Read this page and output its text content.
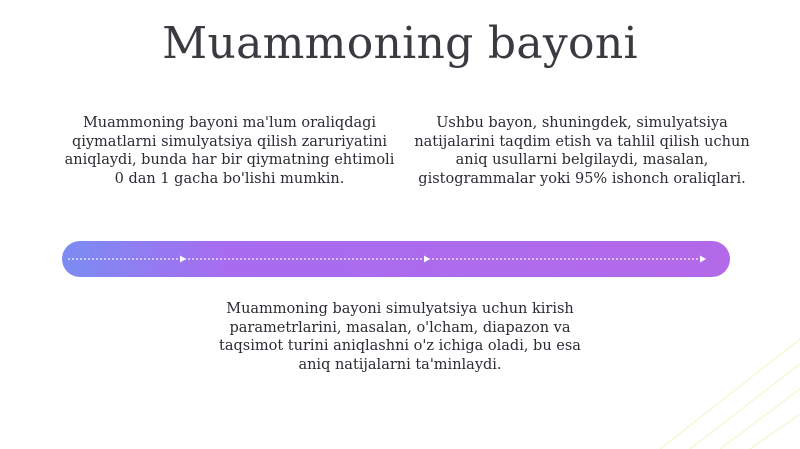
Muammoning bayoni
Muammoning bayoni ma'lum oraliqdagi qiymatlarni simulyatsiya qilish zaruriyatini aniqlaydi, bunda har bir qiymatning ehtimoli 0 dan 1 gacha bo'lishi mumkin.
Ushbu bayon, shuningdek, simulyatsiya natijalarini taqdim etish va tahlil qilish uchun aniq usullarni belgilaydi, masalan, gistogrammalar yoki 95% ishonch oraliqlari.
Muammoning bayoni simulyatsiya uchun kirish parametrlarini, masalan, o'lcham, diapazon va taqsimot turini aniqlashni o'z ichiga oladi, bu esa aniq natijalarni ta'minlaydi.
